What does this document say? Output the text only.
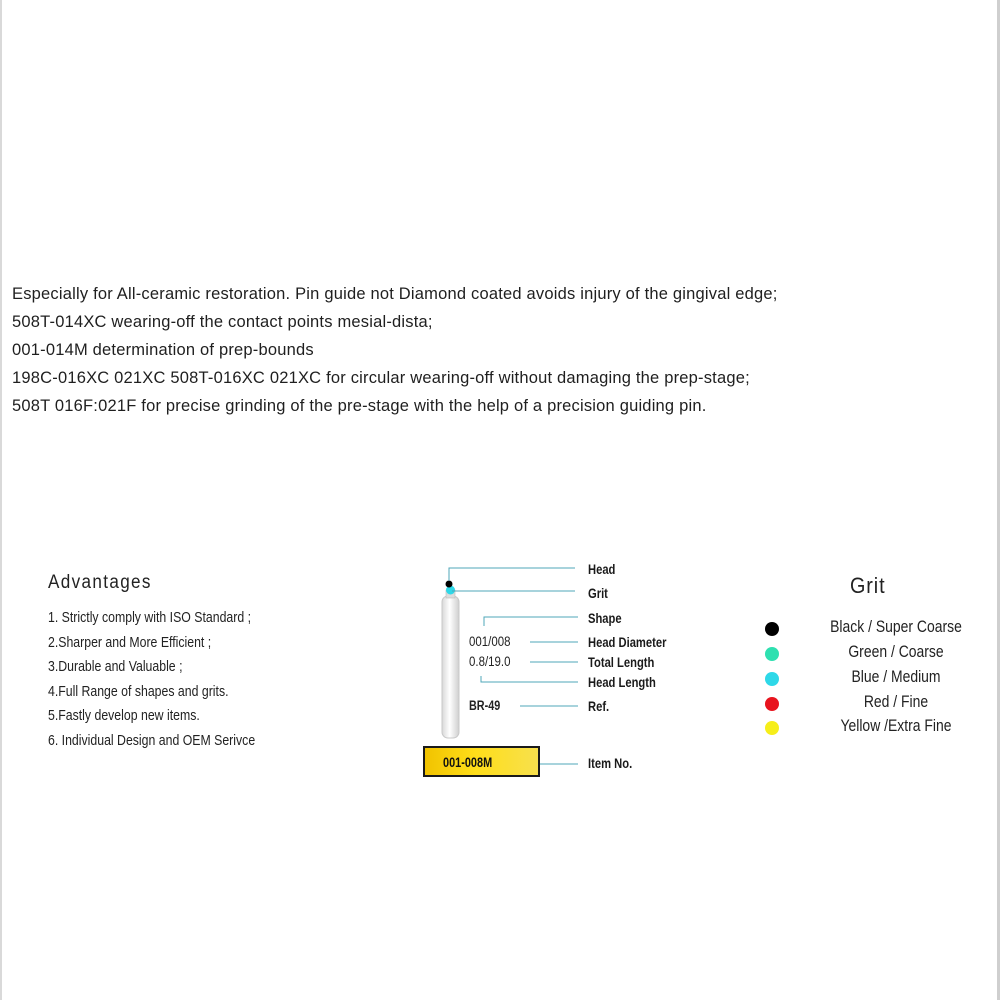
Especially for All-ceramic restoration. Pin guide not Diamond coated avoids injury of the gingival edge;

508T-014XC wearing-off the contact points mesial-dista;

001-014M determination of prep-bounds

198C-016XC 021XC 508T-016XC 021XC for circular wearing-off without damaging the prep-stage;

508T 016F:021F for precise grinding of the pre-stage with the help of a precision guiding pin.

Advantages
1. Strictly comply with ISO Standard ;
2.Sharper and More Efficient ;
3.Durable and Valuable ;
4.Full Range of shapes and grits.
5.Fastly develop new items.
6. Individual Design and OEM Serivce
Head
Grit
Shape
Head Diameter
Total Length
Head Length
Ref.
Item No.
001/008
0.8/19.0
BR-49
001-008M
Grit
Black / Super Coarse
Green / Coarse
Blue / Medium
Red / Fine
Yellow /Extra Fine
